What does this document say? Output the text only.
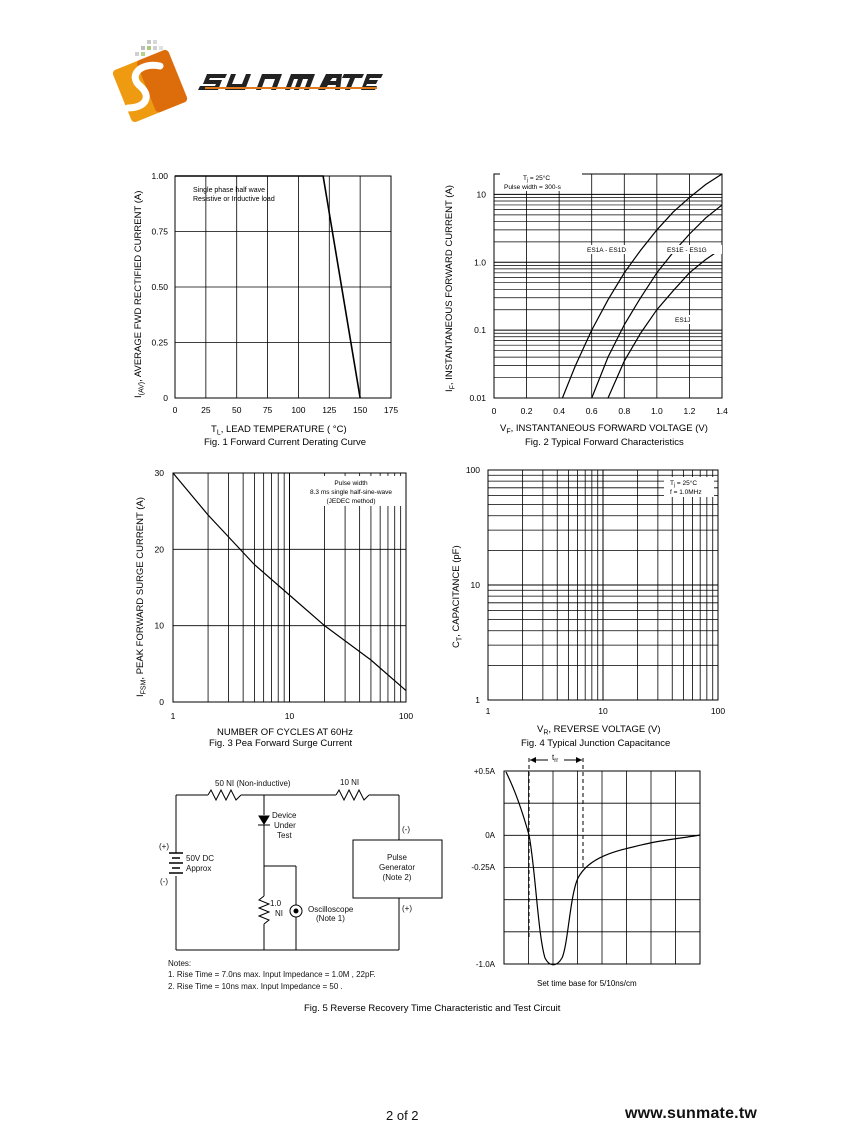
SUNMATE
1.00
0.75
0.50
0.25
0
0	25	50	75 100 125 150 175
Single phase half wave
Resistive or Inductive load
$I_{(AV)}$, AVERAGE FWD RECTIFIED CURRENT (A)
$T_L$, LEAD TEMPERATURE ( °C)
Fig. 1 Forward Current Derating Curve
10
1.0
0.1
0.01
0	0.2 0.4 0.6 0.8 1.0 1.2 1.4
$T_j = 25^\circ C$
Pulse width = 300-s
ES1A - ES1D	ES1E - ES1G
ES1J
$I_F$, INSTANTANEOUS FORWARD CURRENT (A)
$V_F$, INSTANTANEOUS FORWARD VOLTAGE (V)
Fig. 2 Typical Forward Characteristics
30
20
10
0
1	10	100
Pulse width
8.3 ms single half-sine-wave
(JEDEC method)
$I_{FSM}$, PEAK FORWARD SURGE CURRENT (A)
NUMBER OF CYCLES AT 60Hz
Fig. 3 Pea Forward Surge Current
100
10
1
1	10	100
$T_j = 25^\circ C$
f = 1.0MHz
$C_T$, CAPACITANCE (pF)
$V_R$, REVERSE VOLTAGE (V)
Fig. 4 Typical Junction Capacitance
50 NI (Non-inductive)	10 NI
Device
Under
Test
(+)
50V DC
Approx
(-)
1.0
NI	Oscilloscope
(Note 1)
(-)
(+)
Pulse
Generator
(Note 2)
Notes:
1. Rise Time = 7.0ns max. Input Impedance = 1.0M , 22pF.
2. Rise Time = 10ns max. Input Impedance = 50 .
$t_{rr}$
+0.5A
0A
-0.25A
-1.0A
Set time base for 5/10ns/cm
Fig. 5 Reverse Recovery Time Characteristic and Test Circuit
2 of 2	www.sunmate.tw
